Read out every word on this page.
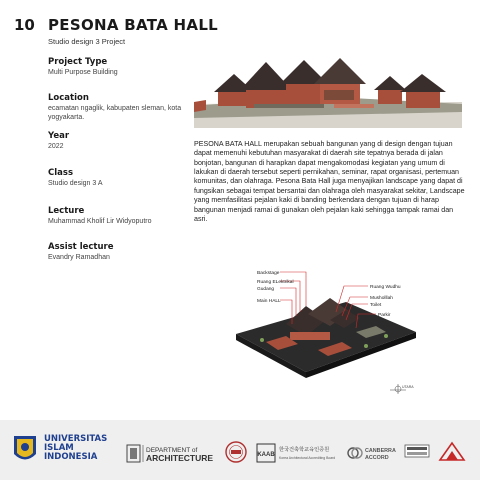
10 PESONA BATA HALL
Studio design 3 Project
Project Type
Multi Purpose Building
Location
ecamatan ngaglik, kabupaten sleman, kota yogyakarta.
Year
2022
Class
Studio design 3 A
Lecture
Muhammad Kholif Lir Widyoputro
Assist lecture
Evandry Ramadhan

PESONA BATA HALL merupakan sebuah bangunan yang di design dengan tujuan dapat memenuhi kebutuhan masyarakat di daerah site tepatnya berada di jalan bonjotan, bangunan di harapkan dapat mengakomodasi kegiatan yang umum di lakukan di daerah tersebut seperti pernikahan, seminar, rapat organisasi, pertemuan komunitas, dan olahraga. Pesona Bata Hall juga menyajikan landscape yang dapat di fungsikan sebagai tempat bersantai dan olahraga oleh masyarakat sekitar, Landscape yang memfasilitasi pejalan kaki di banding berkendara dengan tujuan di harap bangunan menjadi ramai di gunakan oleh pejalan kaki sehingga tampak ramai dan asri.

Backstage
Ruang ELektrikal
Gudang
Main HALL
Ruang Wudhu
Musholllah
Toilet
Parkir
UTARA
UNIVERSITAS
ISLAM
INDONESIA
DEPARTMENT of
ARCHITECTURE	KAAB
한국건축학교육인증원
Korea Architectural Accrediting Board
CANBERRA
ACCORD
